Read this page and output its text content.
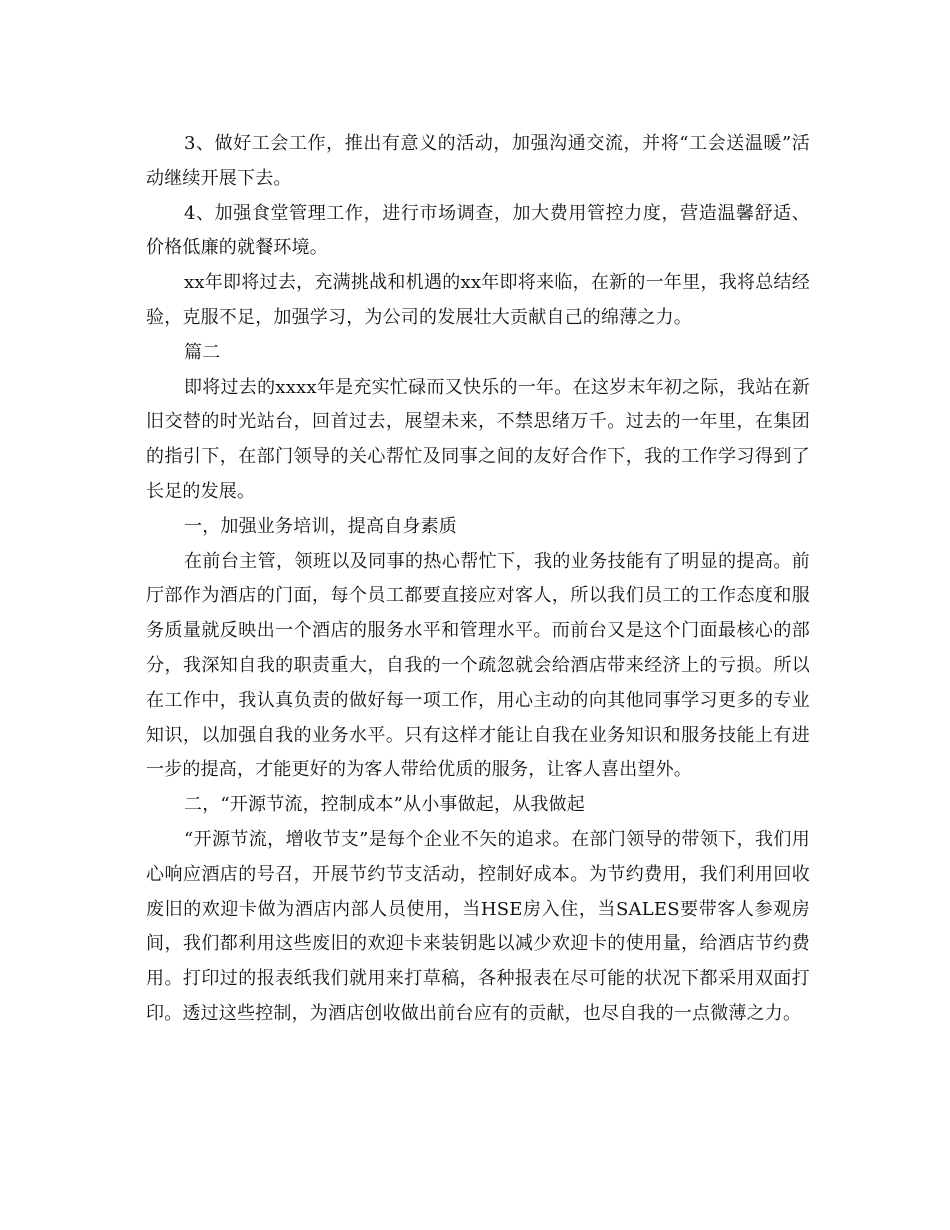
3、做好工会工作，推出有意义的活动，加强沟通交流，并将“工会送温暖”活动继续开展下去。

4、加强食堂管理工作，进行市场调查，加大费用管控力度，营造温馨舒适、价格低廉的就餐环境。

xx年即将过去，充满挑战和机遇的xx年即将来临，在新的一年里，我将总结经验，克服不足，加强学习，为公司的发展壮大贡献自己的绵薄之力。

篇二

即将过去的xxxx年是充实忙碌而又快乐的一年。在这岁末年初之际，我站在新旧交替的时光站台，回首过去，展望未来，不禁思绪万千。过去的一年里，在集团的指引下，在部门领导的关心帮忙及同事之间的友好合作下，我的工作学习得到了长足的发展。

一，加强业务培训，提高自身素质

在前台主管，领班以及同事的热心帮忙下，我的业务技能有了明显的提高。前厅部作为酒店的门面，每个员工都要直接应对客人，所以我们员工的工作态度和服务质量就反映出一个酒店的服务水平和管理水平。而前台又是这个门面最核心的部分，我深知自我的职责重大，自我的一个疏忽就会给酒店带来经济上的亏损。所以在工作中，我认真负责的做好每一项工作，用心主动的向其他同事学习更多的专业知识，以加强自我的业务水平。只有这样才能让自我在业务知识和服务技能上有进一步的提高，才能更好的为客人带给优质的服务，让客人喜出望外。

二，“开源节流，控制成本”从小事做起，从我做起

“开源节流，增收节支”是每个企业不矢的追求。在部门领导的带领下，我们用心响应酒店的号召，开展节约节支活动，控制好成本。为节约费用，我们利用回收废旧的欢迎卡做为酒店内部人员使用，当HSE房入住，当SALES要带客人参观房间，我们都利用这些废旧的欢迎卡来装钥匙以减少欢迎卡的使用量，给酒店节约费用。打印过的报表纸我们就用来打草稿，各种报表在尽可能的状况下都采用双面打印。透过这些控制，为酒店创收做出前台应有的贡献，也尽自我的一点微薄之力。
